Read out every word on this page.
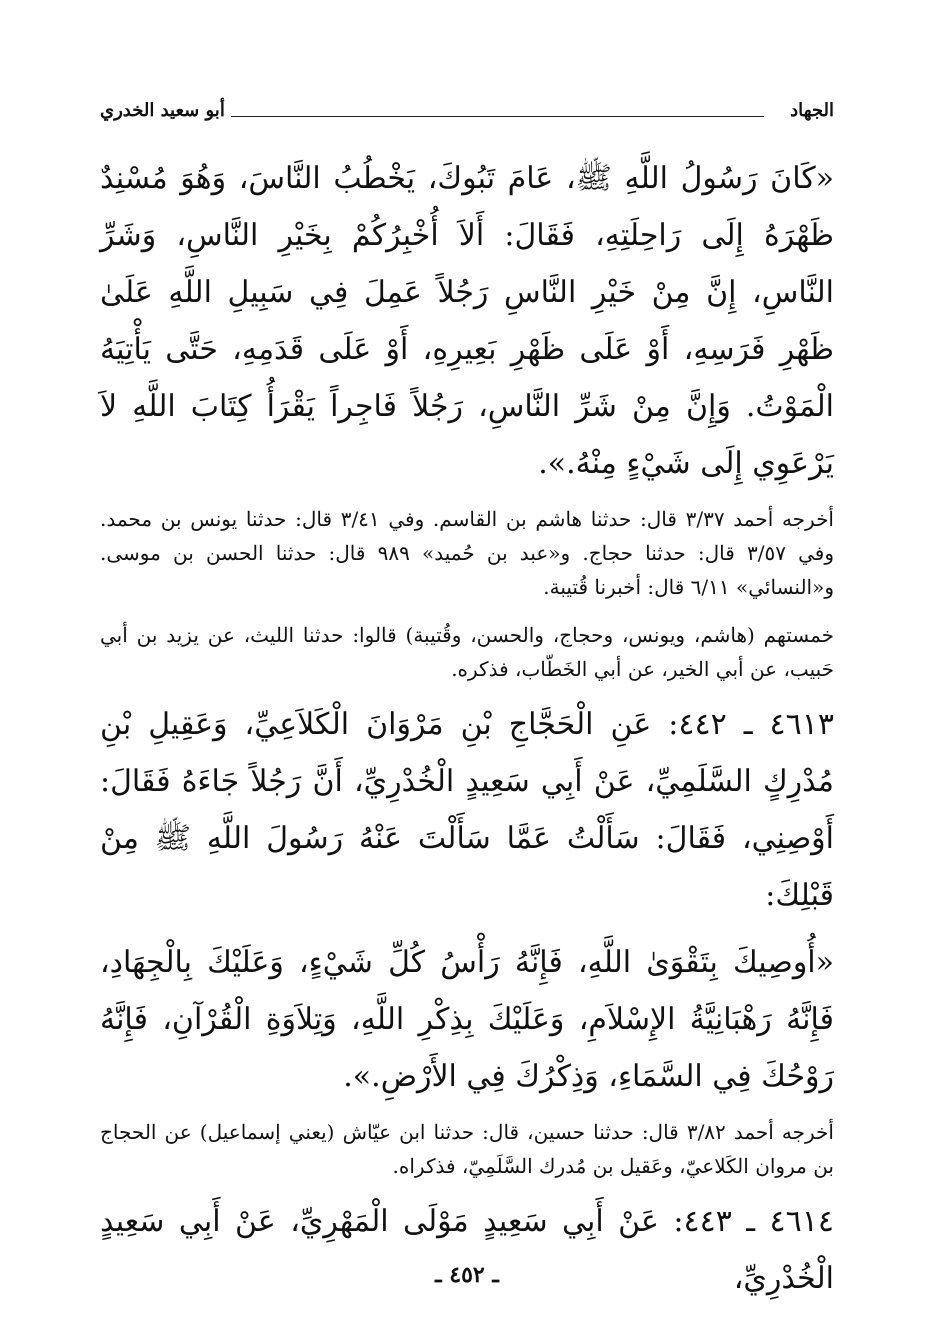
الجهاد
أبو سعيد الخدري

«كَانَ رَسُولُ اللَّهِ ﷺ، عَامَ تَبُوكَ، يَخْطُبُ النَّاسَ، وَهُوَ مُسْنِدٌ ظَهْرَهُ إِلَى رَاحِلَتِهِ، فَقَالَ: أَلاَ أُخْبِرُكُمْ بِخَيْرِ النَّاسِ، وَشَرِّ النَّاسِ، إِنَّ مِنْ خَيْرِ النَّاسِ رَجُلاً عَمِلَ فِي سَبِيلِ اللَّهِ عَلَىٰ ظَهْرِ فَرَسِهِ، أَوْ عَلَى ظَهْرِ بَعِيرِهِ، أَوْ عَلَى قَدَمِهِ، حَتَّى يَأْتِيَهُ الْمَوْتُ. وَإِنَّ مِنْ شَرِّ النَّاسِ، رَجُلاً فَاجِراً يَقْرَأُ كِتَابَ اللَّهِ لاَ يَرْعَوِي إِلَى شَيْءٍ مِنْهُ.».

أخرجه أحمد ٣/٣٧ قال: حدثنا هاشم بن القاسم. وفي ٣/٤١ قال: حدثنا يونس بن محمد. وفي ٣/٥٧ قال: حدثنا حجاج. و«عبد بن حُميد» ٩٨٩ قال: حدثنا الحسن بن موسى. و«النسائي» ٦/١١ قال: أخبرنا قُتيبة.

خمستهم (هاشم، ويونس، وحجاج، والحسن، وقُتيبة) قالوا: حدثنا الليث، عن يزيد بن أبي حَبيب، عن أبي الخير، عن أبي الخَطّاب، فذكره.

٤٦١٣ ـ ٤٤٢: عَنِ الْحَجَّاجِ بْنِ مَرْوَانَ الْكَلاَعِيِّ، وَعَقِيلِ بْنِ مُدْرِكٍ السَّلَمِيِّ، عَنْ أَبِي سَعِيدٍ الْخُدْرِيِّ، أَنَّ رَجُلاً جَاءَهُ فَقَالَ: أَوْصِنِي، فَقَالَ: سَأَلْتُ عَمَّا سَأَلْتَ عَنْهُ رَسُولَ اللَّهِ ﷺ مِنْ قَبْلِكَ:

«أُوصِيكَ بِتَقْوَىٰ اللَّهِ، فَإِنَّهُ رَأْسُ كُلِّ شَيْءٍ، وَعَلَيْكَ بِالْجِهَادِ، فَإِنَّهُ رَهْبَانِيَّةُ الإِسْلاَمِ، وَعَلَيْكَ بِذِكْرِ اللَّهِ، وَتِلاَوَةِ الْقُرْآنِ، فَإِنَّهُ رَوْحُكَ فِي السَّمَاءِ، وَذِكْرُكَ فِي الأَرْضِ.».

أخرجه أحمد ٣/٨٢ قال: حدثنا حسين، قال: حدثنا ابن عيّاش (يعني إسماعيل) عن الحجاج بن مروان الكَلاعيّ، وعَقيل بن مُدرك السَّلَمِيّ، فذكراه.

٤٦١٤ ـ ٤٤٣: عَنْ أَبِي سَعِيدٍ مَوْلَى الْمَهْرِيِّ، عَنْ أَبِي سَعِيدٍ الْخُدْرِيِّ،

ـ ٤٥٢ ـ
